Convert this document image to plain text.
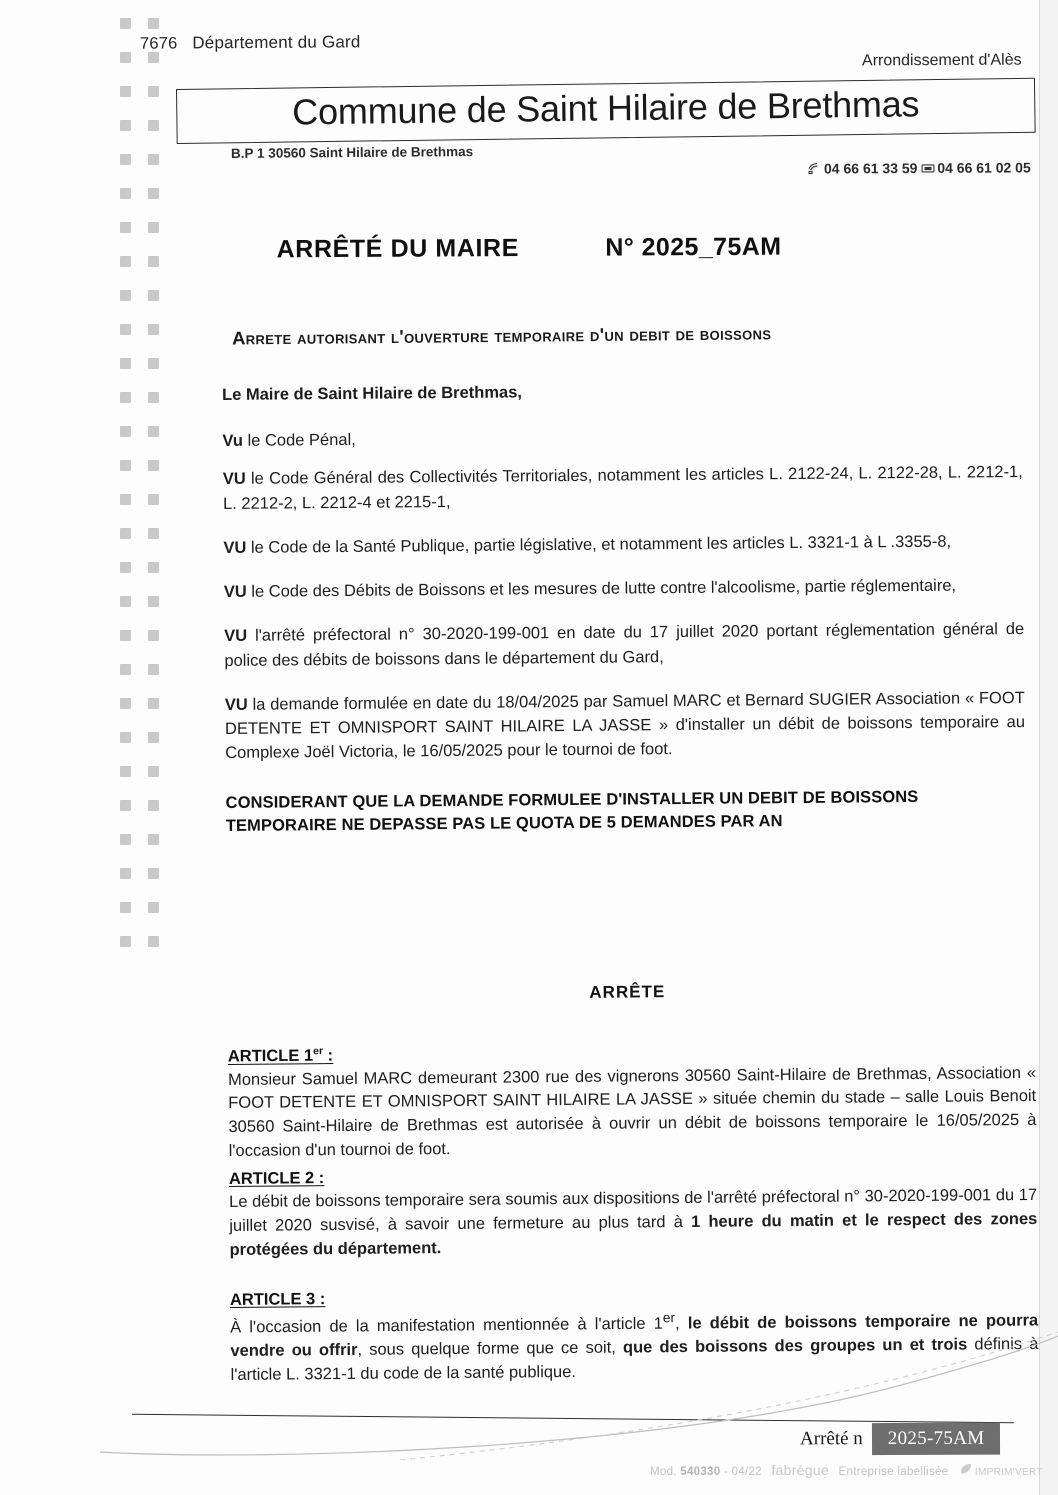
7676 Département du Gard
Arrondissement d'Alès
Commune de Saint Hilaire de Brethmas
B.P 1 30560 Saint Hilaire de Brethmas
04 66 61 33 59 04 66 61 02 05
ARRÊTÉ DU MAIRE	N° 2025_75AM
Arrete autorisant l'ouverture temporaire d'un debit de boissons
Le Maire de Saint Hilaire de Brethmas,

Vu le Code Pénal,

VU le Code Général des Collectivités Territoriales, notamment les articles L. 2122-24, L. 2122-28, L. 2212-1, L. 2212-2, L. 2212-4 et 2215-1,

VU le Code de la Santé Publique, partie législative, et notamment les articles L. 3321-1 à L .3355-8,

VU le Code des Débits de Boissons et les mesures de lutte contre l'alcoolisme, partie réglementaire,

VU l'arrêté préfectoral n° 30-2020-199-001 en date du 17 juillet 2020 portant réglementation général de police des débits de boissons dans le département du Gard,

VU la demande formulée en date du 18/04/2025 par Samuel MARC et Bernard SUGIER Association « FOOT DETENTE ET OMNISPORT SAINT HILAIRE LA JASSE » d'installer un débit de boissons temporaire au Complexe Joël Victoria, le 16/05/2025 pour le tournoi de foot.

CONSIDERANT QUE LA DEMANDE FORMULEE D'INSTALLER UN DEBIT DE BOISSONS TEMPORAIRE NE DEPASSE PAS LE QUOTA DE 5 DEMANDES PAR AN
ARRÊTE
ARTICLE 1er :

Monsieur Samuel MARC demeurant 2300 rue des vignerons 30560 Saint-Hilaire de Brethmas, Association « FOOT DETENTE ET OMNISPORT SAINT HILAIRE LA JASSE » située chemin du stade – salle Louis Benoit 30560 Saint-Hilaire de Brethmas est autorisée à ouvrir un débit de boissons temporaire le 16/05/2025 à l'occasion d'un tournoi de foot.

ARTICLE 2 :

Le débit de boissons temporaire sera soumis aux dispositions de l'arrêté préfectoral n° 30-2020-199-001 du 17 juillet 2020 susvisé, à savoir une fermeture au plus tard à 1 heure du matin et le respect des zones protégées du département.

ARTICLE 3 :

À l'occasion de la manifestation mentionnée à l'article 1er, le débit de boissons temporaire ne pourra vendre ou offrir, sous quelque forme que ce soit, que des boissons des groupes un et trois définis à l'article L. 3321-1 du code de la santé publique.

Arrêté n	2025-75AM
Mod. 540330 - 04/22 fabrègue Entreprise labellisée	IMPRIM'VERT
